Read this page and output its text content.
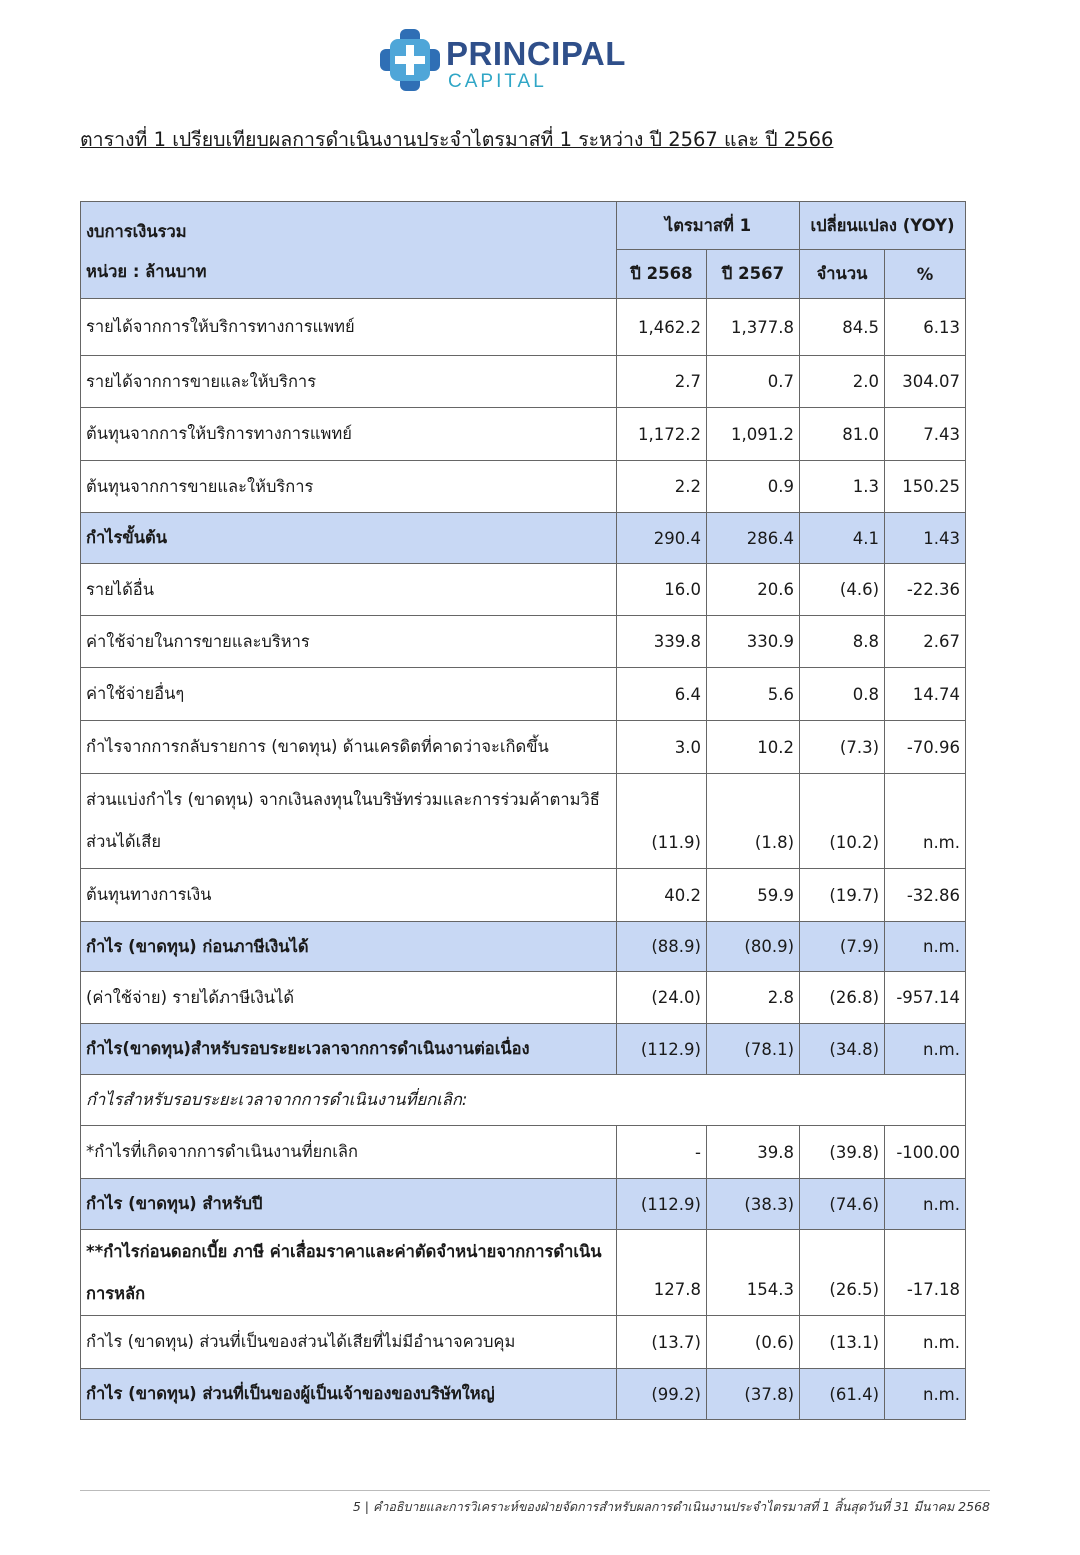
PRINCIPAL
CAPITAL
ตารางที่ 1 เปรียบเทียบผลการดำเนินงานประจำไตรมาสที่ 1 ระหว่าง ปี 2567 และ ปี 2566
งบการเงินรวม
หน่วย : ล้านบาท	ไตรมาสที่ 1		เปลี่ยนแปลง (YOY)	
	ปี 2568	ปี 2567	จำนวน	%
รายได้จากการให้บริการทางการแพทย์	1,462.2	1,377.8	84.5	6.13
รายได้จากการขายและให้บริการ	2.7	0.7	2.0	304.07
ต้นทุนจากการให้บริการทางการแพทย์	1,172.2	1,091.2	81.0	7.43
ต้นทุนจากการขายและให้บริการ	2.2	0.9	1.3	150.25
กำไรขั้นต้น	290.4	286.4	4.1	1.43
รายได้อื่น	16.0	20.6	(4.6)	-22.36
ค่าใช้จ่ายในการขายและบริหาร	339.8	330.9	8.8	2.67
ค่าใช้จ่ายอื่นๆ	6.4	5.6	0.8	14.74
กำไรจากการกลับรายการ (ขาดทุน) ด้านเครดิตที่คาดว่าจะเกิดขึ้น	3.0	10.2	(7.3)	-70.96
ส่วนแบ่งกำไร (ขาดทุน) จากเงินลงทุนในบริษัทร่วมและการร่วมค้าตามวิธีส่วนได้เสีย	(11.9)	(1.8)	(10.2)	n.m.
ต้นทุนทางการเงิน	40.2	59.9	(19.7)	-32.86
กำไร (ขาดทุน) ก่อนภาษีเงินได้	(88.9)	(80.9)	(7.9)	n.m.
(ค่าใช้จ่าย) รายได้ภาษีเงินได้	(24.0)	2.8	(26.8)	-957.14
กำไร(ขาดทุน)สำหรับรอบระยะเวลาจากการดำเนินงานต่อเนื่อง	(112.9)	(78.1)	(34.8)	n.m.
กำไรสำหรับรอบระยะเวลาจากการดำเนินงานที่ยกเลิก:				
*กำไรที่เกิดจากการดำเนินงานที่ยกเลิก	-	39.8	(39.8)	-100.00
กำไร (ขาดทุน) สำหรับปี	(112.9)	(38.3)	(74.6)	n.m.
**กำไรก่อนดอกเบี้ย ภาษี ค่าเสื่อมราคาและค่าตัดจำหน่ายจากการดำเนินการหลัก	127.8	154.3	(26.5)	-17.18
กำไร (ขาดทุน) ส่วนที่เป็นของส่วนได้เสียที่ไม่มีอำนาจควบคุม	(13.7)	(0.6)	(13.1)	n.m.
กำไร (ขาดทุน) ส่วนที่เป็นของผู้เป็นเจ้าของของบริษัทใหญ่	(99.2)	(37.8)	(61.4)	n.m.
5 | คำอธิบายและการวิเคราะห์ของฝ่ายจัดการสำหรับผลการดำเนินงานประจำไตรมาสที่ 1 สิ้นสุดวันที่ 31 มีนาคม 2568
